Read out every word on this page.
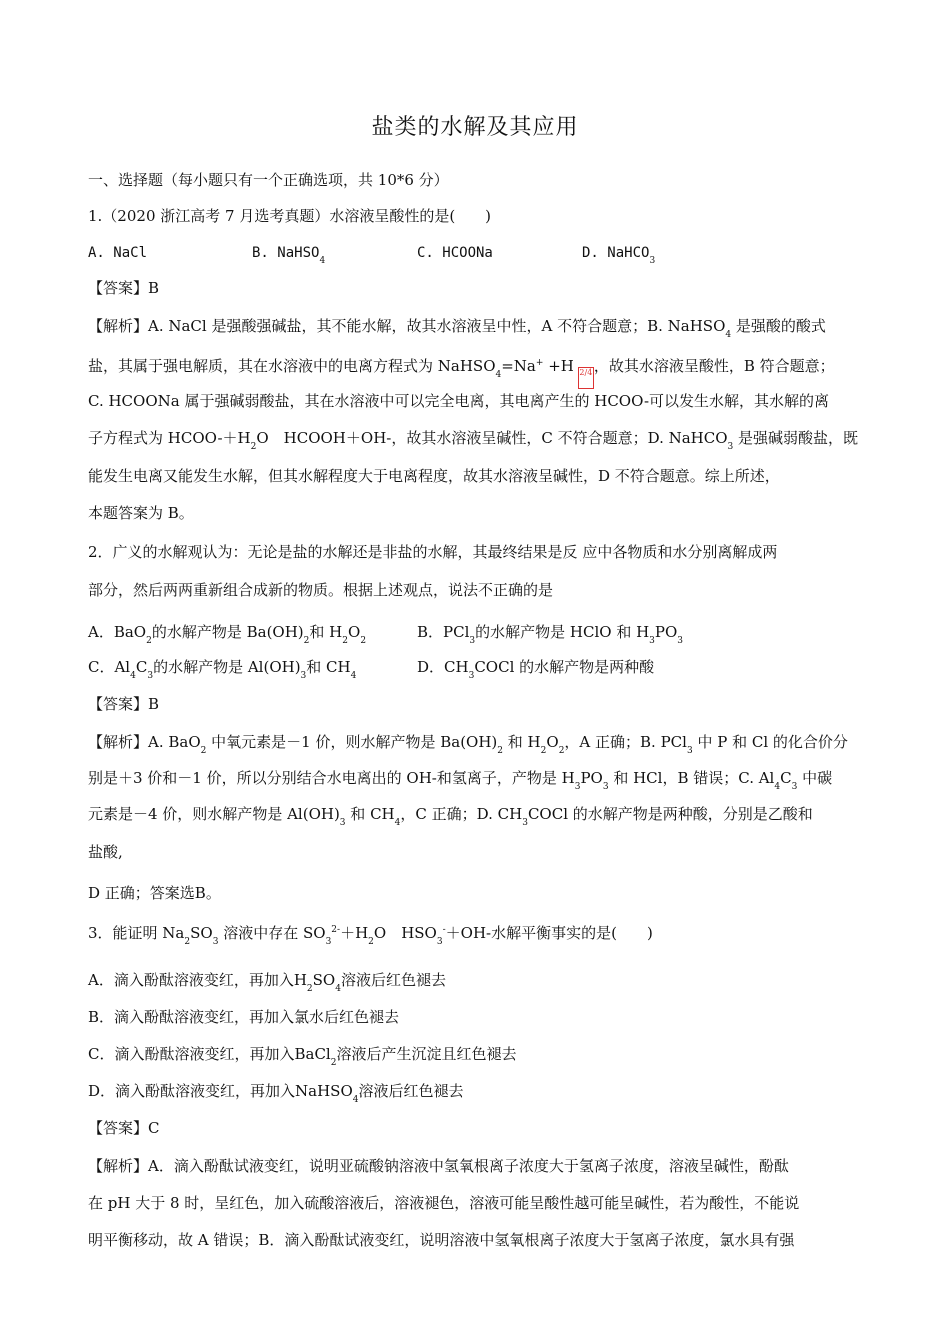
盐类的水解及其应用
一、选择题（每小题只有一个正确选项，共 10*6 分）
1.（2020 浙江高考 7 月选考真题）水溶液呈酸性的是(　　)
A. NaCl	B. NaHSO$_4$	C. HCOONa	D. NaHCO$_3$
【答案】B
【解析】A. NaCl 是强酸强碱盐，其不能水解，故其水溶液呈中性，A 不符合题意；B. NaHSO$_4$ 是强酸的酸式
盐，其属于强电解质，其在水溶液中的电离方程式为 NaHSO$_4$=Na+ +H 2/4 ，故其水溶液呈酸性，B 符合题意；
C. HCOONa 属于强碱弱酸盐，其在水溶液中可以完全电离，其电离产生的 HCOO-可以发生水解，其水解的离
子方程式为 HCOO-$+H_2O$　HCOOH＋OH-，故其水溶液呈碱性，C 不符合题意；D. NaHCO$_3$ 是强碱弱酸盐，既
能发生电离又能发生水解，但其水解程度大于电离程度，故其水溶液呈碱性，D 不符合题意。综上所述，
本题答案为 B。
2．广义的水解观认为：无论是盐的水解还是非盐的水解，其最终结果是反 应中各物质和水分别离解成两
部分，然后两两重新组合成新的物质。根据上述观点，说法不正确的是
A．BaO$_2$的水解产物是 $Ba(OH)_2$和 $H_2O_2$	B．PCl$_3$的水解产物是 HClO 和 $H_3PO_3$
C．$Al_4C_3$的水解产物是 $Al(OH)_3$和 $CH_4$	D．$CH_3COCl$ 的水解产物是两种酸
【答案】B
【解析】A. BaO$_2$ 中氧元素是－1 价，则水解产物是 $Ba(OH)_2$ 和 $H_2O_2$，A 正确；B. PCl$_3$ 中 P 和 Cl 的化合价分
别是＋3 价和－1 价，所以分别结合水电离出的 OH-和氢离子，产物是 $H_3PO_3$ 和 HCl，B 错误；C. $Al_4C_3$ 中碳
元素是－4 价，则水解产物是 $Al(OH)_3$ 和 $CH_4$，C 正确；D. $CH_3COCl$ 的水解产物是两种酸，分别是乙酸和
盐酸,
D 正确；答案选B。
3．能证明 $Na_2SO_3$ 溶液中存在 $SO_3^{2-}+H_2O$　$HSO_3^-+OH-$水解平衡事实的是(　　)
A．滴入酚酞溶液变红，再加入$H_2SO_4$溶液后红色褪去
B．滴入酚酞溶液变红，再加入氯水后红色褪去
C．滴入酚酞溶液变红，再加入BaCl$_2$溶液后产生沉淀且红色褪去
D．滴入酚酞溶液变红，再加入NaHSO$_4$溶液后红色褪去
【答案】C
【解析】A．滴入酚酞试液变红，说明亚硫酸钠溶液中氢氧根离子浓度大于氢离子浓度，溶液呈碱性，酚酞
在 pH 大于 8 时，呈红色，加入硫酸溶液后，溶液褪色，溶液可能呈酸性越可能呈碱性，若为酸性，不能说
明平衡移动，故 A 错误；B．滴入酚酞试液变红，说明溶液中氢氧根离子浓度大于氢离子浓度，氯水具有强
